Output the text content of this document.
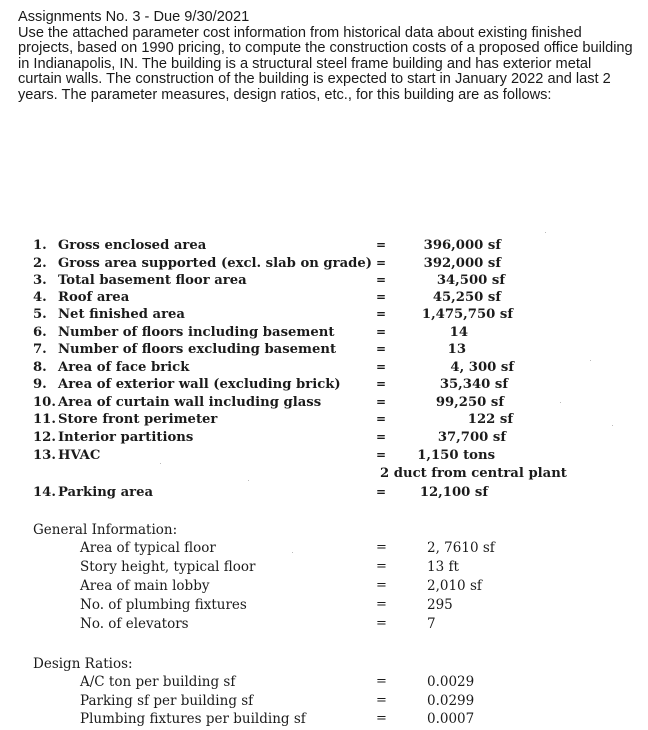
Assignments No. 3 - Due 9/30/2021
Use the attached parameter cost information from historical data about existing finished projects, based on 1990 pricing, to compute the construction costs of a proposed office building in Indianapolis, IN. The building is a structural steel frame building and has exterior metal curtain walls. The construction of the building is expected to start in January 2022 and last 2 years. The parameter measures, design ratios, etc., for this building are as follows:
1. Gross enclosed area	=	396,000 sf
2. Gross area supported (excl. slab on grade) =	392,000 sf
3. Total basement floor area	=	34,500 sf
4. Roof area	=	45,250 sf
5. Net finished area	=	1,475,750 sf
6. Number of floors including basement	=	14
7. Number of floors excluding basement	=	13
8. Area of face brick	=	4, 300 sf
9. Area of exterior wall (excluding brick)	=	35,340 sf
10. Area of curtain wall including glass	=	99,250 sf
11. Store front perimeter	=	122 sf
12. Interior partitions	=	37,700 sf
13. HVAC	=	1,150 tons
2 duct from central plant
14. Parking area	=	12,100 sf
General Information:
Area of typical floor	=	2, 7610 sf
Story height, typical floor	=	13 ft
Area of main lobby	=	2,010 sf
No. of plumbing fixtures	=	295
No. of elevators	=	7
Design Ratios:
A/C ton per building sf	=	0.0029
Parking sf per building sf	=	0.0299
Plumbing fixtures per building sf	=	0.0007
